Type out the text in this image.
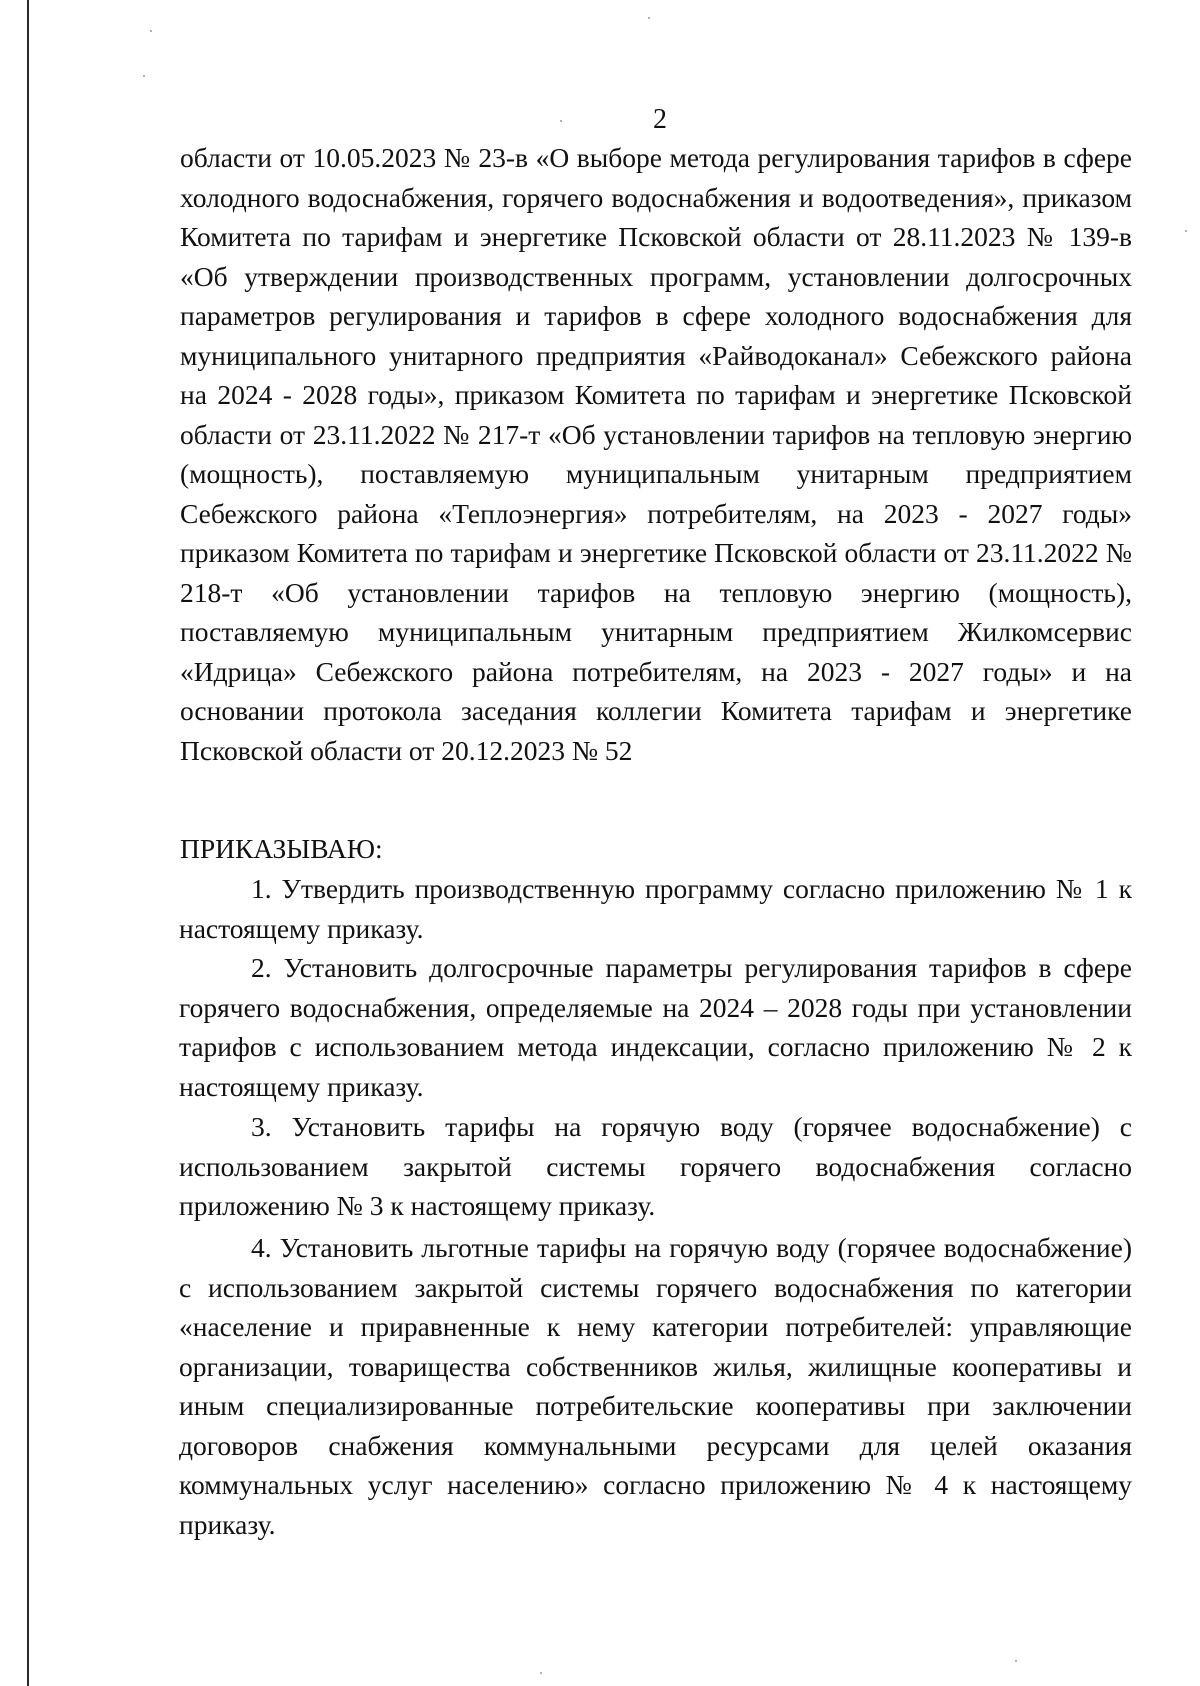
2
области от 10.05.2023 № 23-в «О выборе метода регулирования тарифов в сфере холодного водоснабжения, горячего водоснабжения и водоотведения», приказом Комитета по тарифам и энергетике Псковской области от 28.11.2023 № 139-в «Об утверждении производственных программ, установлении долгосрочных параметров регулирования и тарифов в сфере холодного водоснабжения для муниципального унитарного предприятия «Райводоканал» Себежского района на 2024 - 2028 годы», приказом Комитета по тарифам и энергетике Псковской области от 23.11.2022 № 217-т «Об установлении тарифов на тепловую энергию (мощность), поставляемую муниципальным унитарным предприятием Себежского района «Теплоэнергия» потребителям, на 2023 - 2027 годы» приказом Комитета по тарифам и энергетике Псковской области от 23.11.2022 № 218-т «Об установлении тарифов на тепловую энергию (мощность), поставляемую муниципальным унитарным предприятием Жилкомсервис «Идрица» Себежского района потребителям, на 2023 - 2027 годы» и на основании протокола заседания коллегии Комитета тарифам и энергетике Псковской области от 20.12.2023 № 52
ПРИКАЗЫВАЮ:
1. Утвердить производственную программу согласно приложению № 1 к настоящему приказу.
2. Установить долгосрочные параметры регулирования тарифов в сфере горячего водоснабжения, определяемые на 2024 – 2028 годы при установлении тарифов с использованием метода индексации, согласно приложению № 2 к настоящему приказу.
3. Установить тарифы на горячую воду (горячее водоснабжение) с использованием закрытой системы горячего водоснабжения согласно приложению № 3 к настоящему приказу.
4. Установить льготные тарифы на горячую воду (горячее водоснабжение) с использованием закрытой системы горячего водоснабжения по категории «население и приравненные к нему категории потребителей: управляющие организации, товарищества собственников жилья, жилищные кооперативы и иным специализированные потребительские кооперативы при заключении договоров снабжения коммунальными ресурсами для целей оказания коммунальных услуг населению» согласно приложению № 4 к настоящему приказу.
